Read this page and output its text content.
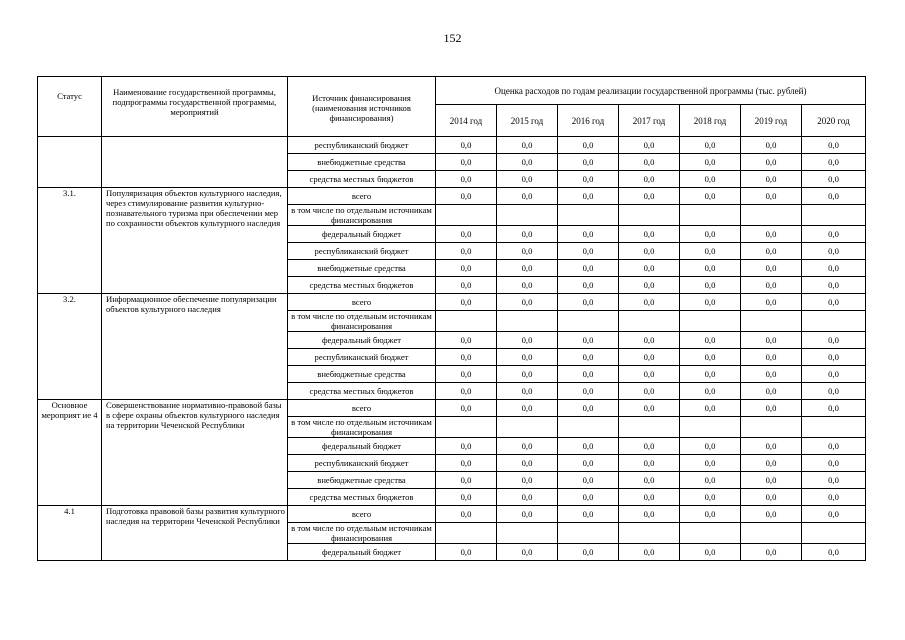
152
Статус	Наименование государственной программы, подпрограммы государственной программы, мероприятий	Источник финансирования (наименования источников финансирования)	Оценка расходов по годам реализации государственной программы (тыс. рублей)						
			2014 год	2015 год	2016 год	2017 год	2018 год	2019 год	2020 год
		республиканский бюджет	0,0	0,0	0,0	0,0	0,0	0,0	0,0
		внебюджетные средства	0,0	0,0	0,0	0,0	0,0	0,0	0,0
		средства местных бюджетов	0,0	0,0	0,0	0,0	0,0	0,0	0,0
3.1.	Популяризация объектов культурного наследия, через стимулирование развития культурно-познавательного туризма при обеспечении мер по сохранности объектов культурного наследия	всего	0,0	0,0	0,0	0,0	0,0	0,0	0,0
		в том числе по отдельным источникам финансирования							
		федеральный бюджет	0,0	0,0	0,0	0,0	0,0	0,0	0,0
		республиканский бюджет	0,0	0,0	0,0	0,0	0,0	0,0	0,0
		внебюджетные средства	0,0	0,0	0,0	0,0	0,0	0,0	0,0
		средства местных бюджетов	0,0	0,0	0,0	0,0	0,0	0,0	0,0
3.2.	Информационное обеспечение популяризации объектов культурного наследия	всего	0,0	0,0	0,0	0,0	0,0	0,0	0,0
		в том числе по отдельным источникам финансирования							
		федеральный бюджет	0,0	0,0	0,0	0,0	0,0	0,0	0,0
		республиканский бюджет	0,0	0,0	0,0	0,0	0,0	0,0	0,0
		внебюджетные средства	0,0	0,0	0,0	0,0	0,0	0,0	0,0
		средства местных бюджетов	0,0	0,0	0,0	0,0	0,0	0,0	0,0
Основное мероприят ие 4	Совершенствование нормативно-правовой базы в сфере охраны объектов культурного наследия на территории Чеченской Республики	всего	0,0	0,0	0,0	0,0	0,0	0,0	0,0
		в том числе по отдельным источникам финансирования							
		федеральный бюджет	0,0	0,0	0,0	0,0	0,0	0,0	0,0
		республиканский бюджет	0,0	0,0	0,0	0,0	0,0	0,0	0,0
		внебюджетные средства	0,0	0,0	0,0	0,0	0,0	0,0	0,0
		средства местных бюджетов	0,0	0,0	0,0	0,0	0,0	0,0	0,0
4.1	Подготовка правовой базы развития культурного наследия на территории Чеченской Республики	всего	0,0	0,0	0,0	0,0	0,0	0,0	0,0
		в том числе по отдельным источникам финансирования							
		федеральный бюджет	0,0	0,0	0,0	0,0	0,0	0,0	0,0
